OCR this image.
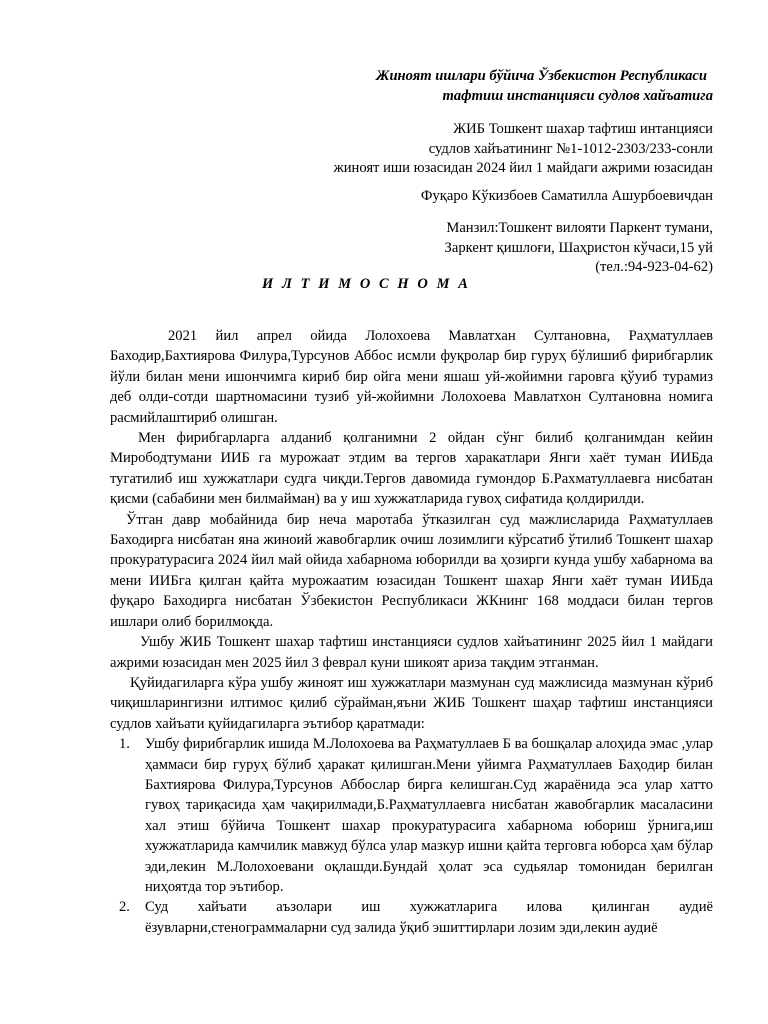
Жиноят ишлари бўйича Ўзбекистон Республикаси
тафтиш инстанцияси судлов хайъатига
ЖИБ Тошкент шахар тафтиш интанцияси
судлов хайъатининг №1-1012-2303/233-сонли
жиноят иши юзасидан 2024 йил 1 майдаги ажрими юзасидан
Фуқаро Кўкизбоев Саматилла Ашурбоевичдан
Манзил:Тошкент вилояти Паркент тумани,
Заркент қишлоғи, Шаҳристон кўчаси,15 уй
(тел.:94-923-04-62)
И Л Т И М О С Н О М А

2021 йил апрел ойида Лолохоева Мавлатхан Султановна, Раҳматуллаев Баходир,Бахтиярова Филура,Турсунов Аббос исмли фуқролар бир гуруҳ бўлишиб фирибгарлик йўли билан мени ишончимга кириб бир ойга мени яшаш уй-жойимни гаровга қўуиб турамиз деб олди-сотди шартномасини тузиб уй-жойимни Лолохоева Мавлатхон Султановна номига расмийлаштириб олишган.

Мен фирибгарларга алданиб қолганимни 2 ойдан сўнг билиб қолганимдан кейин Мирободтумани ИИБ га мурожаат этдим ва тергов харакатлари Янги хаёт туман ИИБда тугатилиб иш хужжатлари судга чиқди.Тергов давомида гумондор Б.Рахматуллаевга нисбатан қисми (сабабини мен билмайман) ва у иш хужжатларида гувоҳ сифатида қолдирилди.

Ўтган давр мобайнида бир неча маротаба ўтказилган суд мажлисларида Раҳматуллаев Баходирга нисбатан яна жиноий жавобгарлик очиш лозимлиги кўрсатиб ўтилиб Тошкент шахар прокуратурасига 2024 йил май ойида хабарнома юборилди ва ҳозирги кунда ушбу хабарнома ва мени ИИБга қилган қайта мурожаатим юзасидан Тошкент шахар Янги хаёт туман ИИБда фуқаро Баходирга нисбатан Ўзбекистон Республикаси ЖКнинг 168 моддаси билан тергов ишлари олиб борилмоқда.

Ушбу ЖИБ Тошкент шахар тафтиш инстанцияси судлов хайъатининг 2025 йил 1 майдаги ажрими юзасидан мен 2025 йил 3 феврал куни шикоят ариза тақдим этганман.

Қуйидагиларга кўра ушбу жиноят иш хужжатлари мазмунан суд мажлисида мазмунан кўриб чиқишларингизни илтимос қилиб сўрайман,яъни ЖИБ Тошкент шаҳар тафтиш инстанцияси судлов хайъати қуйидагиларга эътибор қаратмади:

1. Ушбу фирибгарлик ишида М.Лолохоева ва Раҳматуллаев Б ва бошқалар алоҳида эмас ,улар ҳаммаси бир гуруҳ бўлиб ҳаракат қилишган.Мени уйимга Раҳматуллаев Баҳодир билан Бахтиярова Филура,Турсунов Аббослар бирга келишган.Суд жараёнида эса улар хатто гувоҳ тариқасида ҳам чақирилмади,Б.Раҳматуллаевга нисбатан жавобгарлик масаласини хал этиш бўйича Тошкент шахар прокуратурасига хабарнома юбориш ўрнига,иш хужжатларида камчилик мавжуд бўлса улар мазкур ишни қайта терговга юборса ҳам бўлар эди,лекин М.Лолохоевани оқлашди.Бундай ҳолат эса судьялар томонидан берилган ниҳоятда тор эътибор.
2. Суд хайъати аъзолари иш хужжатларига илова қилинган аудиё ёзувларни,стенограммаларни суд залида ўқиб эшиттирлари лозим эди,лекин аудиё
